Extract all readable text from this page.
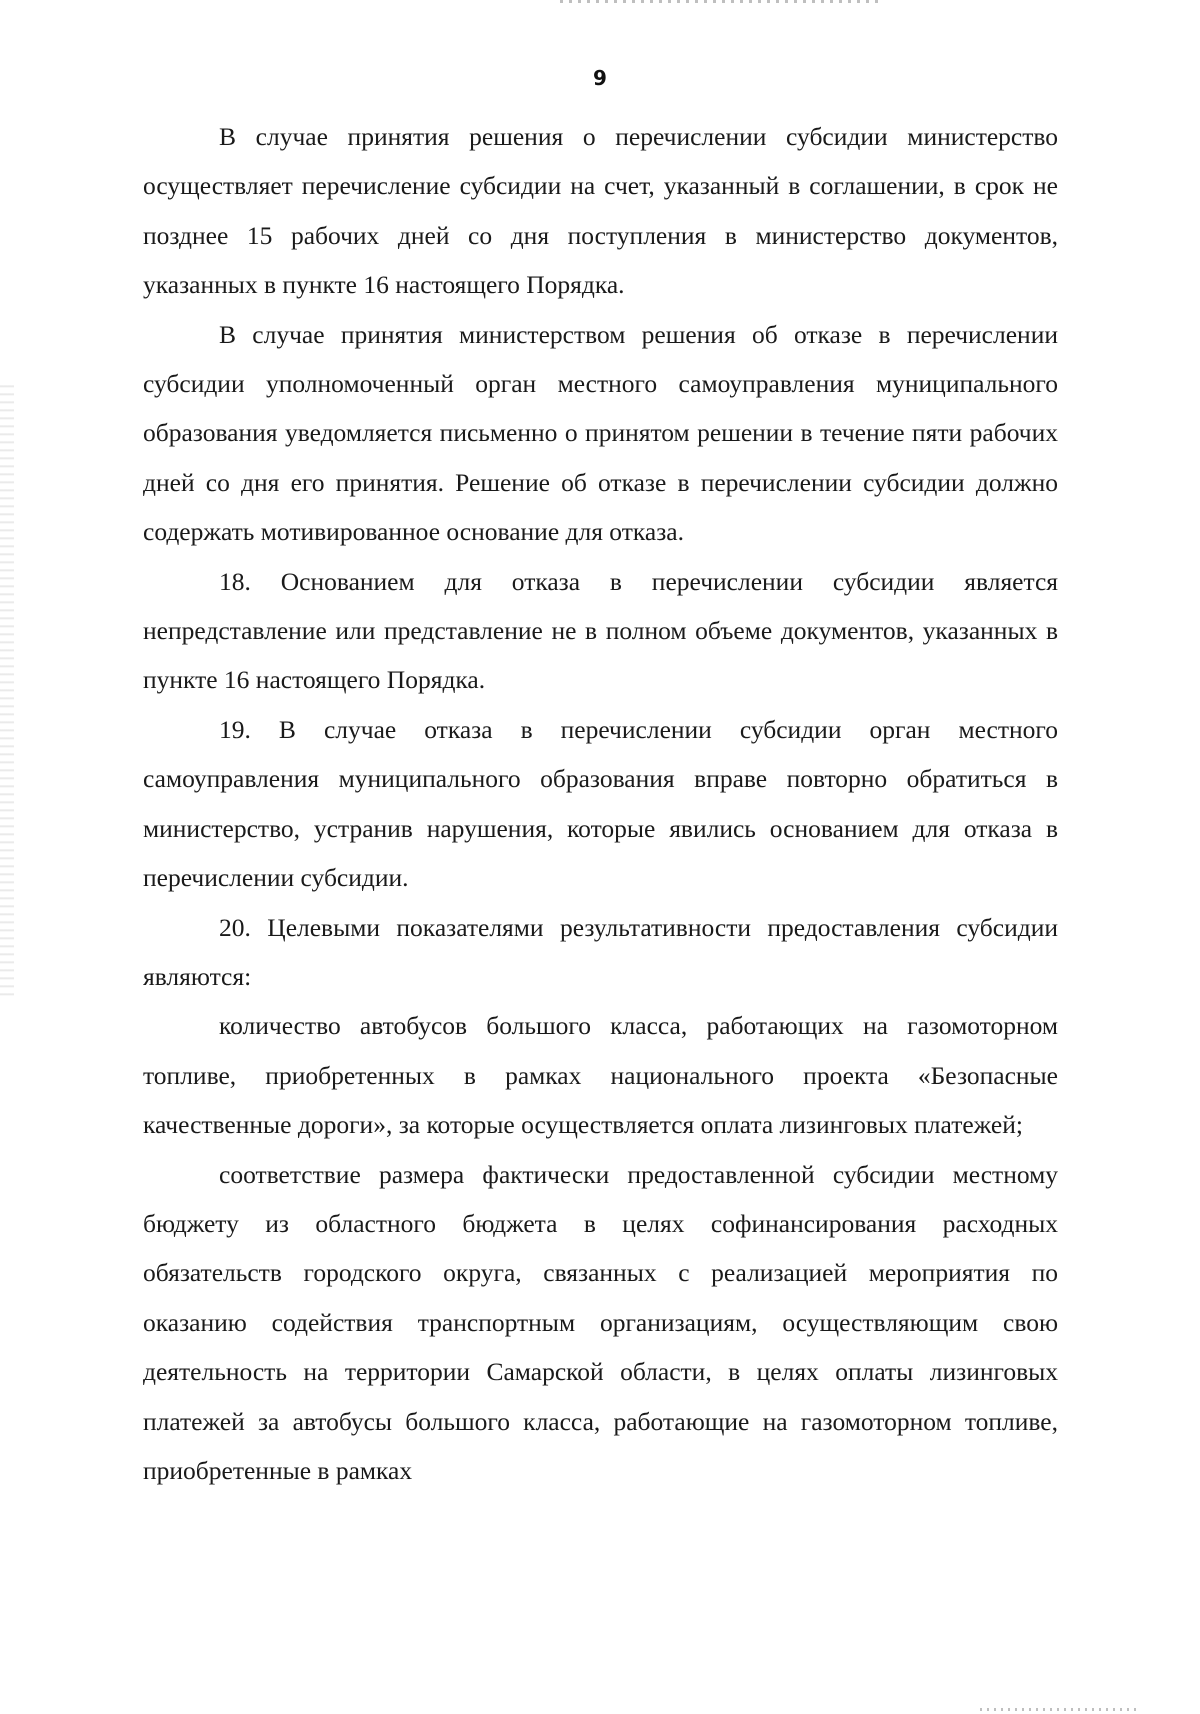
9

В случае принятия решения о перечислении субсидии министерство осуществляет перечисление субсидии на счет, указанный в соглашении, в срок не позднее 15 рабочих дней со дня поступления в министерство документов, указанных в пункте 16 настоящего Порядка.

В случае принятия министерством решения об отказе в перечислении субсидии уполномоченный орган местного самоуправления муниципального образования уведомляется письменно о принятом решении в течение пяти рабочих дней со дня его принятия. Решение об отказе в перечислении субсидии должно содержать мотивированное основание для отказа.

18. Основанием для отказа в перечислении субсидии является непредставление или представление не в полном объеме документов, указанных в пункте 16 настоящего Порядка.

19. В случае отказа в перечислении субсидии орган местного самоуправления муниципального образования вправе повторно обратиться в министерство, устранив нарушения, которые явились основанием для отказа в перечислении субсидии.

20. Целевыми показателями результативности предоставления субсидии являются:

количество автобусов большого класса, работающих на газомоторном топливе, приобретенных в рамках национального проекта «Безопасные качественные дороги», за которые осуществляется оплата лизинговых платежей;

соответствие размера фактически предоставленной субсидии местному бюджету из областного бюджета в целях софинансирования расходных обязательств городского округа, связанных с реализацией мероприятия по оказанию содействия транспортным организациям, осуществляющим свою деятельность на территории Самарской области, в целях оплаты лизинговых платежей за автобусы большого класса, работающие на газомоторном топливе, приобретенные в рамках
